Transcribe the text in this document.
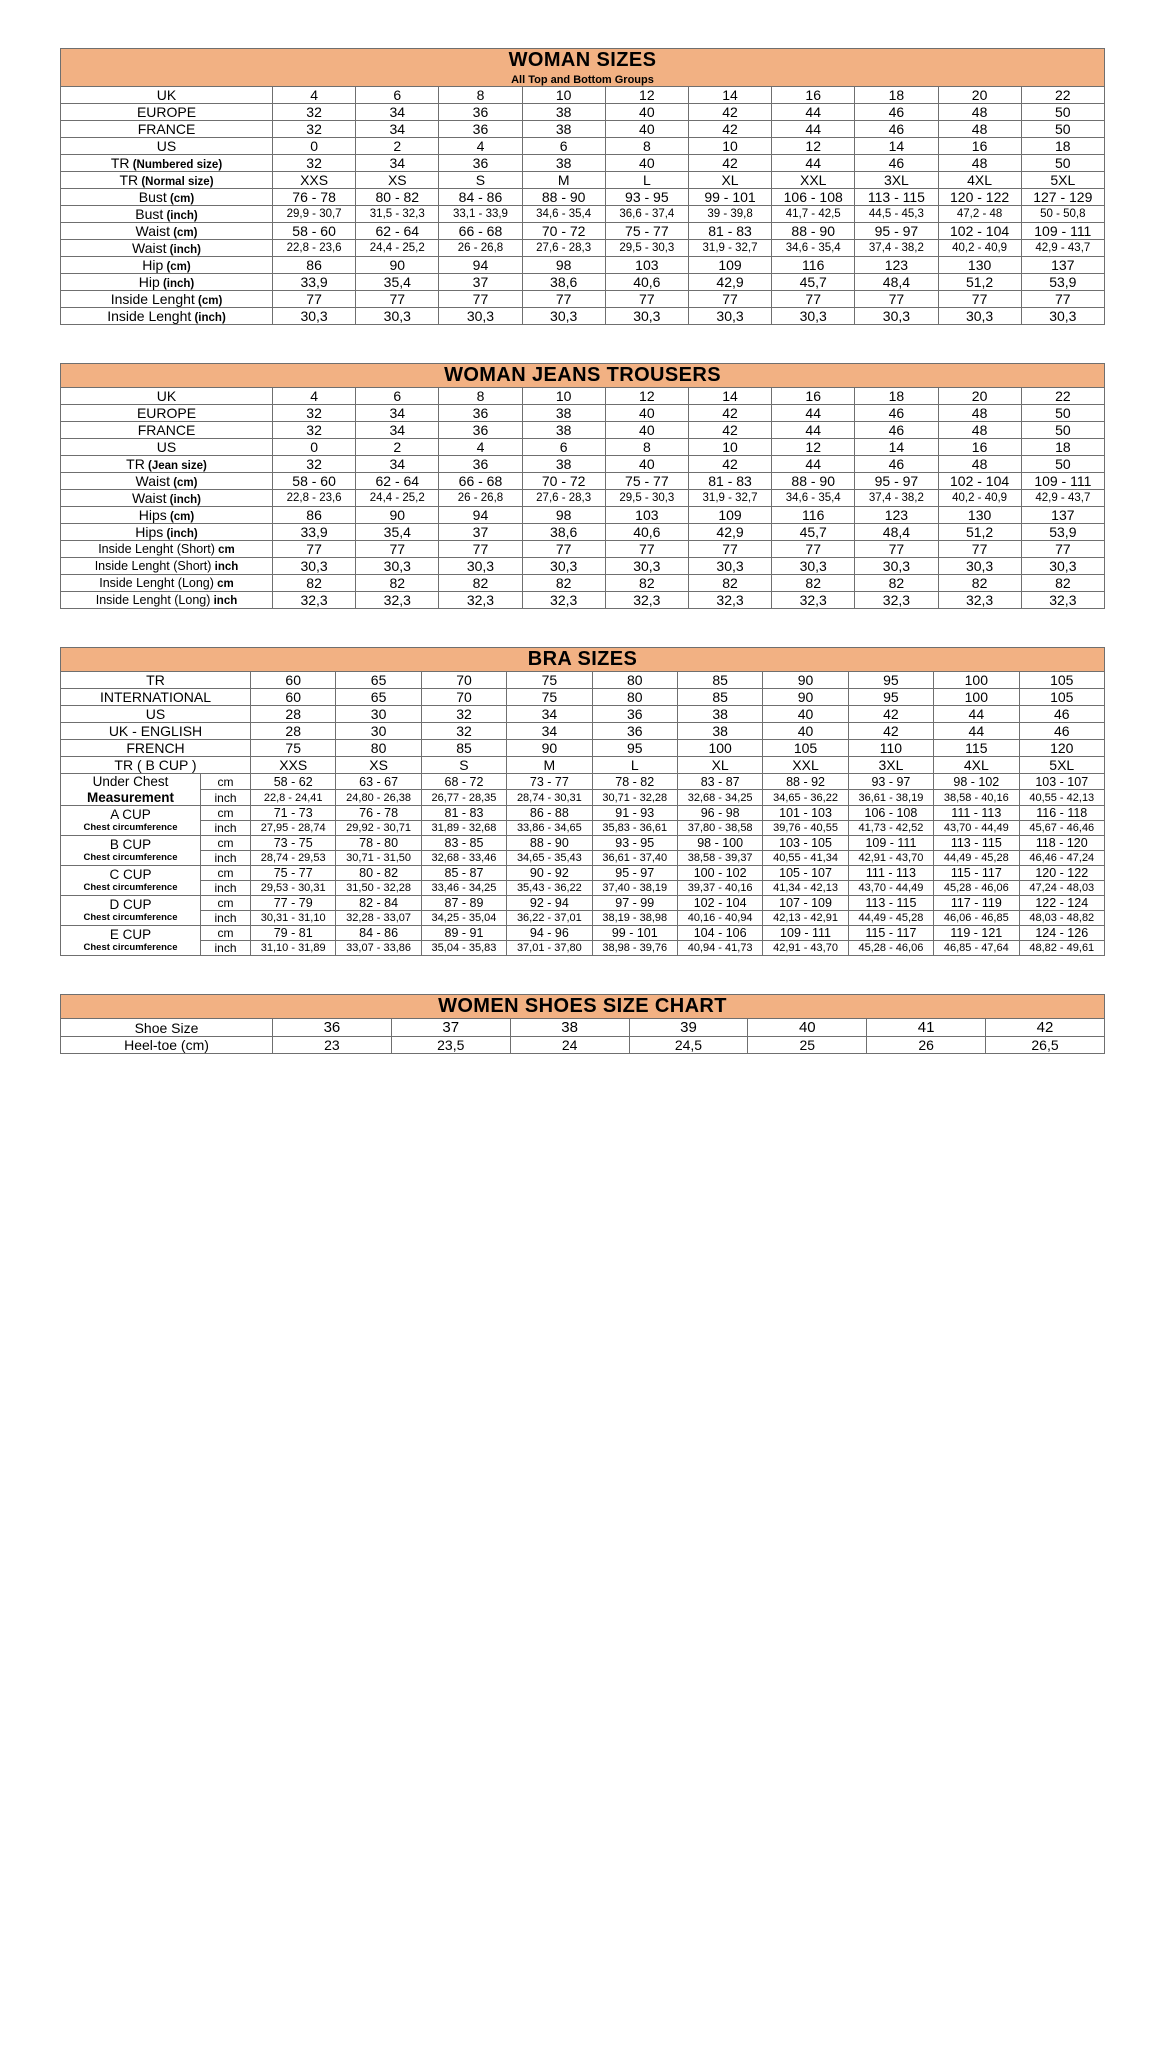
WOMAN SIZES
All Top and Bottom Groups										

UK	4	6	8	10	12	14	16	18	20	22
EUROPE	32	34	36	38	40	42	44	46	48	50
FRANCE	32	34	36	38	40	42	44	46	48	50
US	0	2	4	6	8	10	12	14	16	18
TR (Numbered size)	32	34	36	38	40	42	44	46	48	50
TR (Normal size)	XXS	XS	S	M	L	XL	XXL	3XL	4XL	5XL
Bust (cm)	76 - 78	80 - 82	84 - 86	88 - 90	93 - 95	99 - 101	106 - 108	113 - 115	120 - 122	127 - 129
Bust (inch)	29,9 - 30,7	31,5 - 32,3	33,1 - 33,9	34,6 - 35,4	36,6 - 37,4	39 - 39,8	41,7 - 42,5	44,5 - 45,3	47,2 - 48	50 - 50,8
Waist (cm)	58 - 60	62 - 64	66 - 68	70 - 72	75 - 77	81 - 83	88 - 90	95 - 97	102 - 104	109 - 111
Waist (inch)	22,8 - 23,6	24,4 - 25,2	26 - 26,8	27,6 - 28,3	29,5 - 30,3	31,9 - 32,7	34,6 - 35,4	37,4 - 38,2	40,2 - 40,9	42,9 - 43,7
Hip (cm)	86	90	94	98	103	109	116	123	130	137
Hip (inch)	33,9	35,4	37	38,6	40,6	42,9	45,7	48,4	51,2	53,9
Inside Lenght (cm)	77	77	77	77	77	77	77	77	77	77
Inside Lenght (inch)	30,3	30,3	30,3	30,3	30,3	30,3	30,3	30,3	30,3	30,3
WOMAN JEANS TROUSERS										

UK	4	6	8	10	12	14	16	18	20	22
EUROPE	32	34	36	38	40	42	44	46	48	50
FRANCE	32	34	36	38	40	42	44	46	48	50
US	0	2	4	6	8	10	12	14	16	18
TR (Jean size)	32	34	36	38	40	42	44	46	48	50
Waist (cm)	58 - 60	62 - 64	66 - 68	70 - 72	75 - 77	81 - 83	88 - 90	95 - 97	102 - 104	109 - 111
Waist (inch)	22,8 - 23,6	24,4 - 25,2	26 - 26,8	27,6 - 28,3	29,5 - 30,3	31,9 - 32,7	34,6 - 35,4	37,4 - 38,2	40,2 - 40,9	42,9 - 43,7
Hips (cm)	86	90	94	98	103	109	116	123	130	137
Hips (inch)	33,9	35,4	37	38,6	40,6	42,9	45,7	48,4	51,2	53,9
Inside Lenght (Short) cm	77	77	77	77	77	77	77	77	77	77
Inside Lenght (Short) inch	30,3	30,3	30,3	30,3	30,3	30,3	30,3	30,3	30,3	30,3
Inside Lenght (Long) cm	82	82	82	82	82	82	82	82	82	82
Inside Lenght (Long) inch	32,3	32,3	32,3	32,3	32,3	32,3	32,3	32,3	32,3	32,3
BRA SIZES											

TR		60	65	70	75	80	85	90	95	100	105
INTERNATIONAL		60	65	70	75	80	85	90	95	100	105
US		28	30	32	34	36	38	40	42	44	46
UK - ENGLISH		28	30	32	34	36	38	40	42	44	46
FRENCH		75	80	85	90	95	100	105	110	115	120
TR ( B CUP )		XXS	XS	S	M	L	XL	XXL	3XL	4XL	5XL
Under Chest
Measurement	cm	58 - 62	63 - 67	68 - 72	73 - 77	78 - 82	83 - 87	88 - 92	93 - 97	98 - 102	103 - 107
	inch	22,8 - 24,41	24,80 - 26,38	26,77 - 28,35	28,74 - 30,31	30,71 - 32,28	32,68 - 34,25	34,65 - 36,22	36,61 - 38,19	38,58 - 40,16	40,55 - 42,13
A CUP
Chest circumference	cm	71 - 73	76 - 78	81 - 83	86 - 88	91 - 93	96 - 98	101 - 103	106 - 108	111 - 113	116 - 118
	inch	27,95 - 28,74	29,92 - 30,71	31,89 - 32,68	33,86 - 34,65	35,83 - 36,61	37,80 - 38,58	39,76 - 40,55	41,73 - 42,52	43,70 - 44,49	45,67 - 46,46
B CUP
Chest circumference	cm	73 - 75	78 - 80	83 - 85	88 - 90	93 - 95	98 - 100	103 - 105	109 - 111	113 - 115	118 - 120
	inch	28,74 - 29,53	30,71 - 31,50	32,68 - 33,46	34,65 - 35,43	36,61 - 37,40	38,58 - 39,37	40,55 - 41,34	42,91 - 43,70	44,49 - 45,28	46,46 - 47,24
C CUP
Chest circumference	cm	75 - 77	80 - 82	85 - 87	90 - 92	95 - 97	100 - 102	105 - 107	111 - 113	115 - 117	120 - 122
	inch	29,53 - 30,31	31,50 - 32,28	33,46 - 34,25	35,43 - 36,22	37,40 - 38,19	39,37 - 40,16	41,34 - 42,13	43,70 - 44,49	45,28 - 46,06	47,24 - 48,03
D CUP
Chest circumference	cm	77 - 79	82 - 84	87 - 89	92 - 94	97 - 99	102 - 104	107 - 109	113 - 115	117 - 119	122 - 124
	inch	30,31 - 31,10	32,28 - 33,07	34,25 - 35,04	36,22 - 37,01	38,19 - 38,98	40,16 - 40,94	42,13 - 42,91	44,49 - 45,28	46,06 - 46,85	48,03 - 48,82
E CUP
Chest circumference	cm	79 - 81	84 - 86	89 - 91	94 - 96	99 - 101	104 - 106	109 - 111	115 - 117	119 - 121	124 - 126
	inch	31,10 - 31,89	33,07 - 33,86	35,04 - 35,83	37,01 - 37,80	38,98 - 39,76	40,94 - 41,73	42,91 - 43,70	45,28 - 46,06	46,85 - 47,64	48,82 - 49,61
WOMEN SHOES SIZE CHART							

Shoe Size	36	37	38	39	40	41	42
Heel-toe (cm)	23	23,5	24	24,5	25	26	26,5
